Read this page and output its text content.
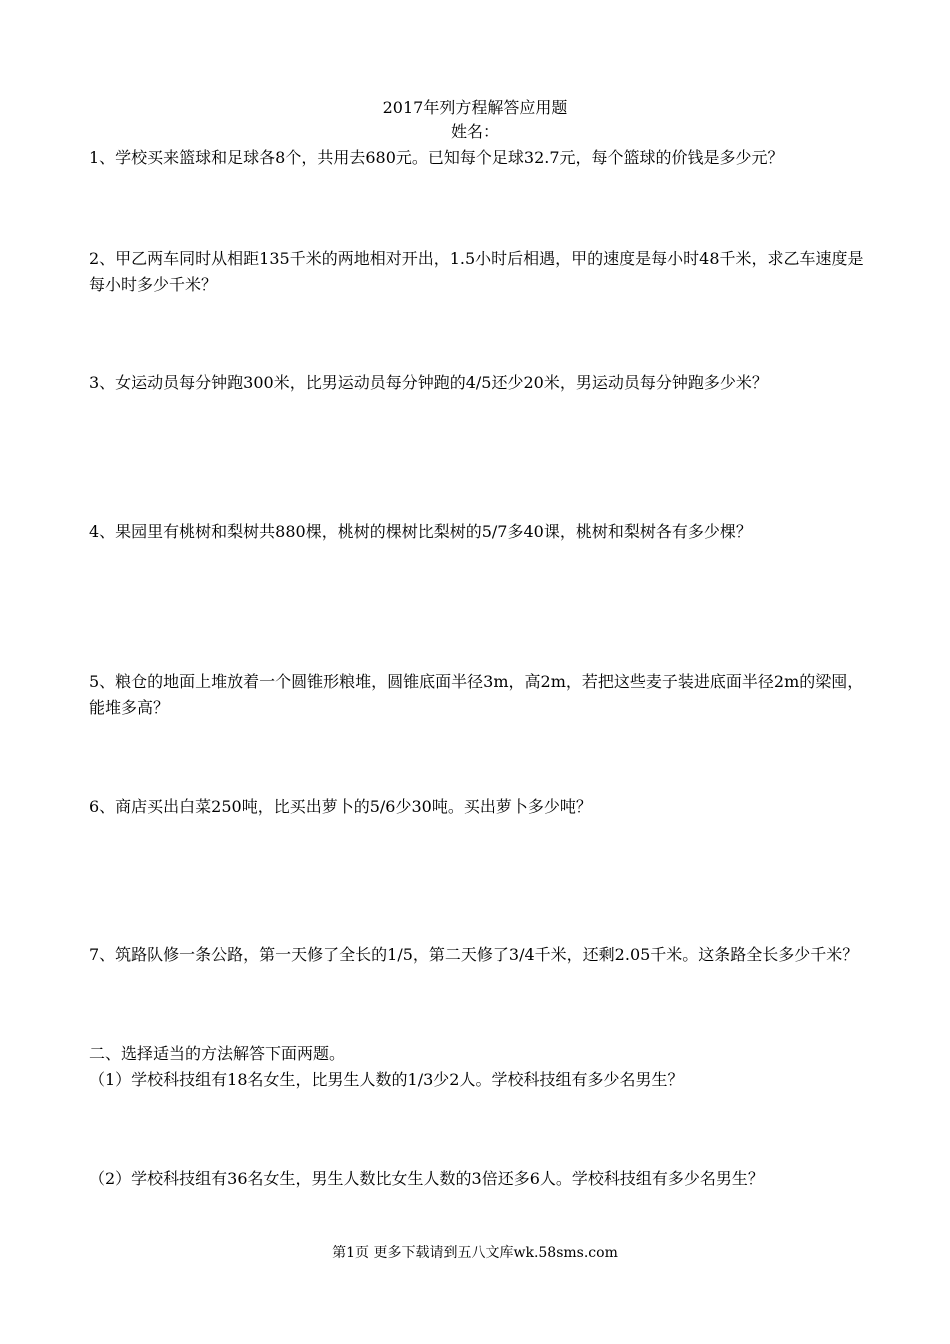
2017年列方程解答应用题
姓名：
1、学校买来篮球和足球各8个，共用去680元。已知每个足球32.7元，每个篮球的价钱是多少元？
2、甲乙两车同时从相距135千米的两地相对开出，1.5小时后相遇，甲的速度是每小时48千米，求乙车速度是每小时多少千米？
3、女运动员每分钟跑300米，比男运动员每分钟跑的4/5还少20米，男运动员每分钟跑多少米？
4、果园里有桃树和梨树共880棵，桃树的棵树比梨树的5/7多40课，桃树和梨树各有多少棵？
5、粮仓的地面上堆放着一个圆锥形粮堆，圆锥底面半径3m，高2m，若把这些麦子装进底面半径2m的梁囤，能堆多高？
6、商店买出白菜250吨，比买出萝卜的5/6少30吨。买出萝卜多少吨？
7、筑路队修一条公路，第一天修了全长的1/5，第二天修了3/4千米，还剩2.05千米。这条路全长多少千米？
二、选择适当的方法解答下面两题。
（1）学校科技组有18名女生，比男生人数的1/3少2人。学校科技组有多少名男生？
（2）学校科技组有36名女生，男生人数比女生人数的3倍还多6人。学校科技组有多少名男生？
第1页 更多下载请到五八文库wk.58sms.com
